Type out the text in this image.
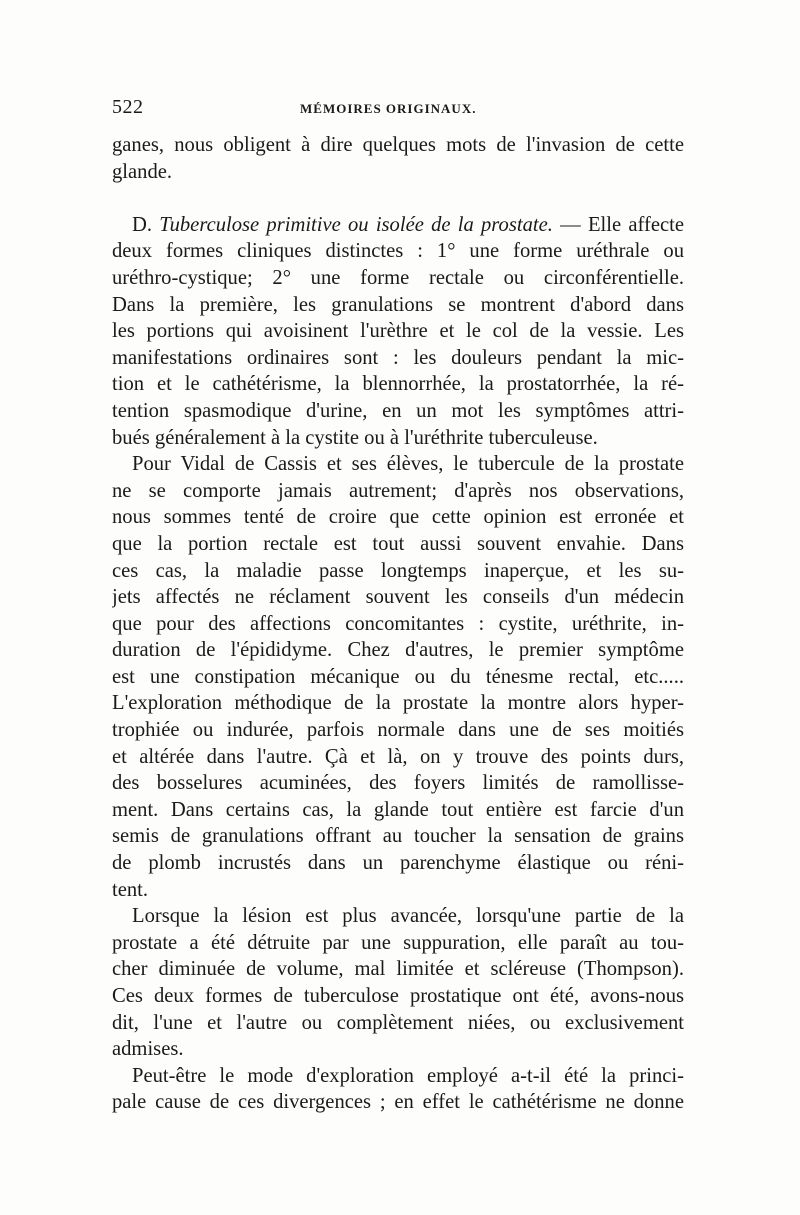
522	MÉMOIRES ORIGINAUX.
ganes, nous obligent à dire quelques mots de l'invasion de cette
glande.
D. Tuberculose primitive ou isolée de la prostate. — Elle affecte
deux formes cliniques distinctes : 1° une forme uréthrale ou
uréthro-cystique; 2° une forme rectale ou circonférentielle.
Dans la première, les granulations se montrent d'abord dans
les portions qui avoisinent l'urèthre et le col de la vessie. Les
manifestations ordinaires sont : les douleurs pendant la mic-
tion et le cathétérisme, la blennorrhée, la prostatorrhée, la ré-
tention spasmodique d'urine, en un mot les symptômes attri-
bués généralement à la cystite ou à l'uréthrite tuberculeuse.
Pour Vidal de Cassis et ses élèves, le tubercule de la prostate
ne se comporte jamais autrement; d'après nos observations,
nous sommes tenté de croire que cette opinion est erronée et
que la portion rectale est tout aussi souvent envahie. Dans
ces cas, la maladie passe longtemps inaperçue, et les su-
jets affectés ne réclament souvent les conseils d'un médecin
que pour des affections concomitantes : cystite, uréthrite, in-
duration de l'épididyme. Chez d'autres, le premier symptôme
est une constipation mécanique ou du ténesme rectal, etc.....
L'exploration méthodique de la prostate la montre alors hyper-
trophiée ou indurée, parfois normale dans une de ses moitiés
et altérée dans l'autre. Çà et là, on y trouve des points durs,
des bosselures acuminées, des foyers limités de ramollisse-
ment. Dans certains cas, la glande tout entière est farcie d'un
semis de granulations offrant au toucher la sensation de grains
de plomb incrustés dans un parenchyme élastique ou réni-
tent.
Lorsque la lésion est plus avancée, lorsqu'une partie de la
prostate a été détruite par une suppuration, elle paraît au tou-
cher diminuée de volume, mal limitée et scléreuse (Thompson).
Ces deux formes de tuberculose prostatique ont été, avons-nous
dit, l'une et l'autre ou complètement niées, ou exclusivement
admises.
Peut-être le mode d'exploration employé a-t-il été la princi-
pale cause de ces divergences ; en effet le cathétérisme ne donne
